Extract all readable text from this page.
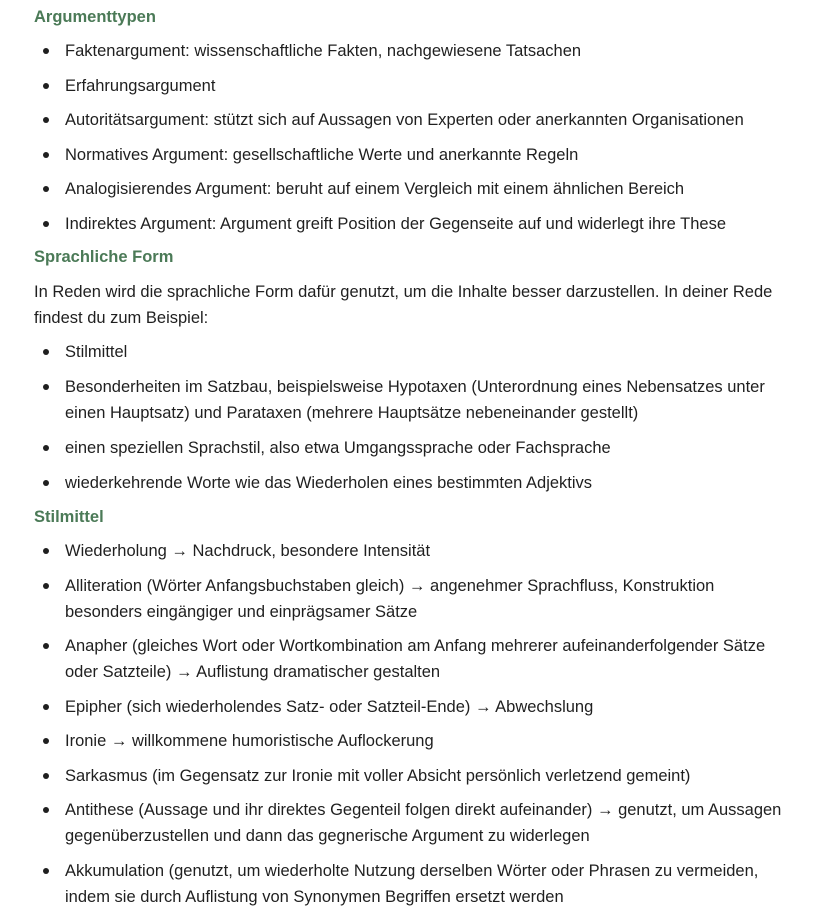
Argumenttypen
Faktenargument: wissenschaftliche Fakten, nachgewiesene Tatsachen
Erfahrungsargument
Autoritätsargument: stützt sich auf Aussagen von Experten oder anerkannten Organisationen
Normatives Argument: gesellschaftliche Werte und anerkannte Regeln
Analogisierendes Argument: beruht auf einem Vergleich mit einem ähnlichen Bereich
Indirektes Argument: Argument greift Position der Gegenseite auf und widerlegt ihre These
Sprachliche Form

In Reden wird die sprachliche Form dafür genutzt, um die Inhalte besser darzustellen. In deiner Rede findest du zum Beispiel:

Stilmittel
Besonderheiten im Satzbau, beispielsweise Hypotaxen (Unterordnung eines Nebensatzes unter einen Hauptsatz) und Parataxen (mehrere Hauptsätze nebeneinander gestellt)
einen speziellen Sprachstil, also etwa Umgangssprache oder Fachsprache
wiederkehrende Worte wie das Wiederholen eines bestimmten Adjektivs
Stilmittel
Wiederholung → Nachdruck, besondere Intensität
Alliteration (Wörter Anfangsbuchstaben gleich) → angenehmer Sprachfluss, Konstruktion besonders eingängiger und einprägsamer Sätze
Anapher (gleiches Wort oder Wortkombination am Anfang mehrerer aufeinanderfolgender Sätze oder Satzteile) → Auflistung dramatischer gestalten
Epipher (sich wiederholendes Satz- oder Satzteil-Ende) → Abwechslung
Ironie → willkommene humoristische Auflockerung
Sarkasmus (im Gegensatz zur Ironie mit voller Absicht persönlich verletzend gemeint)
Antithese (Aussage und ihr direktes Gegenteil folgen direkt aufeinander) → genutzt, um Aussagen gegenüberzustellen und dann das gegnerische Argument zu widerlegen
Akkumulation (genutzt, um wiederholte Nutzung derselben Wörter oder Phrasen zu vermeiden, indem sie durch Auflistung von Synonymen Begriffen ersetzt werden
